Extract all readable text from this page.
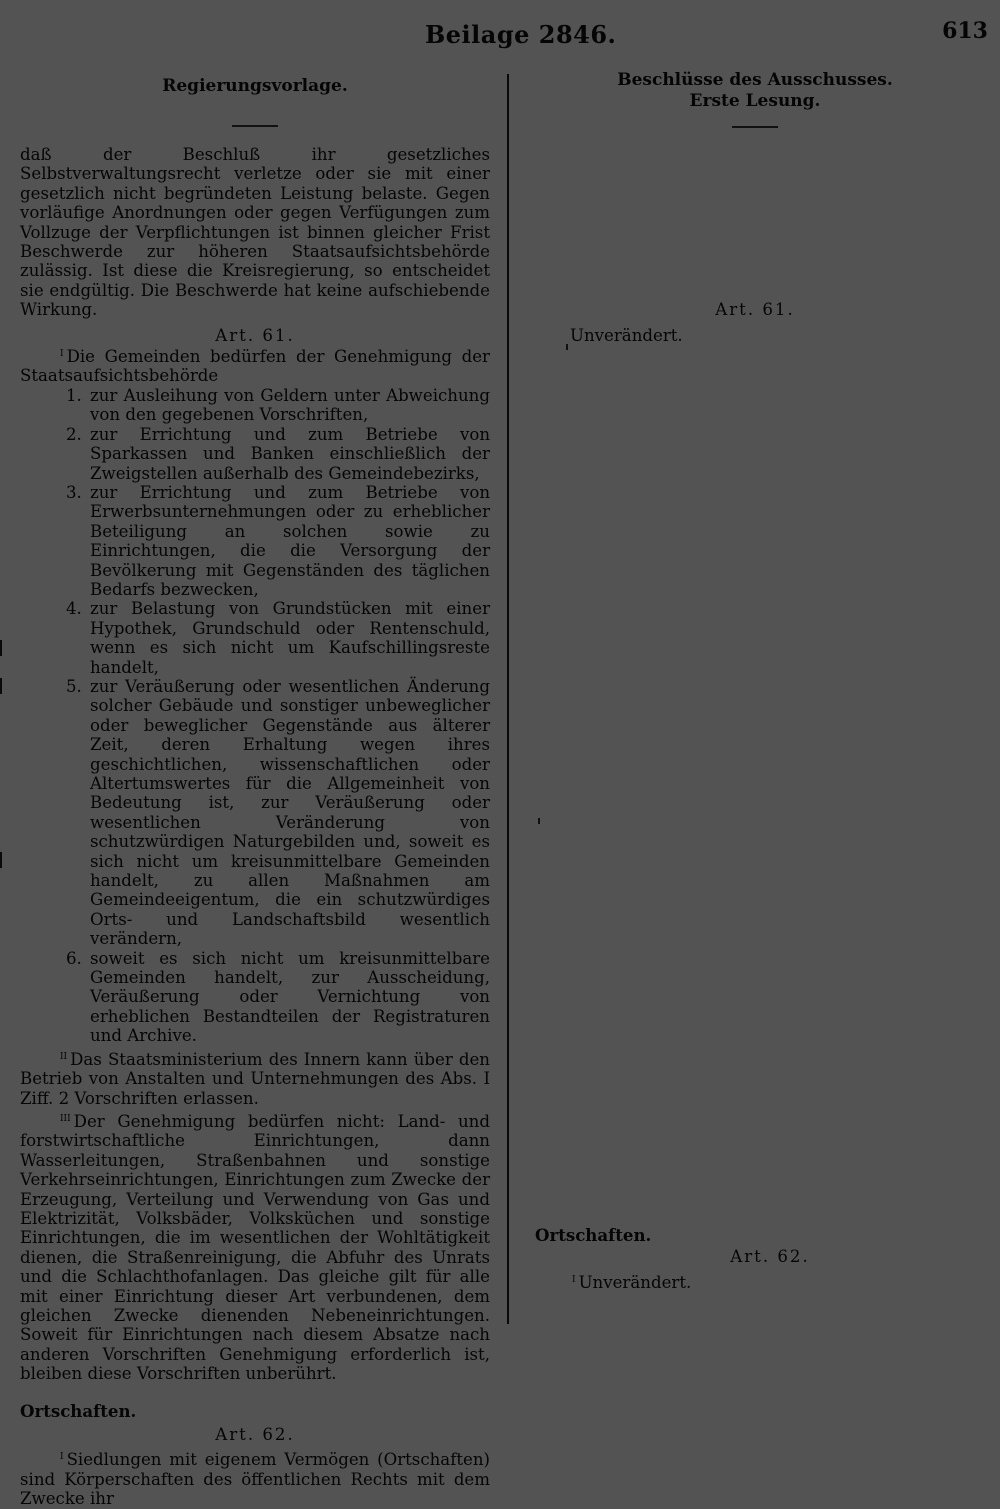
Beilage 2846.	613
Regierungsvorlage.

daß der Beschluß ihr gesetzliches Selbstverwaltungsrecht verletze oder sie mit einer gesetzlich nicht begründeten Leistung belaste. Gegen vorläufige Anordnungen oder gegen Verfügungen zum Vollzuge der Verpflichtungen ist binnen gleicher Frist Beschwerde zur höheren Staatsaufsichtsbehörde zulässig. Ist diese die Kreisregierung, so entscheidet sie endgültig. Die Beschwerde hat keine aufschiebende Wirkung.

Art. 61.

$^I$ Die Gemeinden bedürfen der Genehmigung der Staatsaufsichtsbehörde

1. zur Ausleihung von Geldern unter Abweichung von den gegebenen Vorschriften,
2. zur Errichtung und zum Betriebe von Sparkassen und Banken einschließlich der Zweigstellen außerhalb des Gemeindebezirks,
3. zur Errichtung und zum Betriebe von Erwerbsunternehmungen oder zu erheblicher Beteiligung an solchen sowie zu Einrichtungen, die die Versorgung der Bevölkerung mit Gegenständen des täglichen Bedarfs bezwecken,
4. zur Belastung von Grundstücken mit einer Hypothek, Grundschuld oder Rentenschuld, wenn es sich nicht um Kaufschillingsreste handelt,
5. zur Veräußerung oder wesentlichen Änderung solcher Gebäude und sonstiger unbeweglicher oder beweglicher Gegenstände aus älterer Zeit, deren Erhaltung wegen ihres geschichtlichen, wissenschaftlichen oder Altertumswertes für die Allgemeinheit von Bedeutung ist, zur Veräußerung oder wesentlichen Veränderung von schutzwürdigen Naturgebilden und, soweit es sich nicht um kreisunmittelbare Gemeinden handelt, zu allen Maßnahmen am Gemeindeeigentum, die ein schutzwürdiges Orts- und Landschaftsbild wesentlich verändern,
6. soweit es sich nicht um kreisunmittelbare Gemeinden handelt, zur Ausscheidung, Veräußerung oder Vernichtung von erheblichen Bestandteilen der Registraturen und Archive.

$^{II}$ Das Staatsministerium des Innern kann über den Betrieb von Anstalten und Unternehmungen des Abs. I Ziff. 2 Vorschriften erlassen.

$^{III}$ Der Genehmigung bedürfen nicht: Land- und forstwirtschaftliche Einrichtungen, dann Wasserleitungen, Straßenbahnen und sonstige Verkehrseinrichtungen, Einrichtungen zum Zwecke der Erzeugung, Verteilung und Verwendung von Gas und Elektrizität, Volksbäder, Volksküchen und sonstige Einrichtungen, die im wesentlichen der Wohltätigkeit dienen, die Straßenreinigung, die Abfuhr des Unrats und die Schlachthofanlagen. Das gleiche gilt für alle mit einer Einrichtung dieser Art verbundenen, dem gleichen Zwecke dienenden Nebeneinrichtungen. Soweit für Einrichtungen nach diesem Absatze nach anderen Vorschriften Genehmigung erforderlich ist, bleiben diese Vorschriften unberührt.

Ortschaften.
Art. 62.

$^I$ Siedlungen mit eigenem Vermögen (Ortschaften) sind Körperschaften des öffentlichen Rechts mit dem Zwecke ihr

Beschlüsse des Ausschusses.
Erste Lesung.
Art. 61.

Unverändert.

Ortschaften.
Art. 62.

$^I$ Unverändert.
